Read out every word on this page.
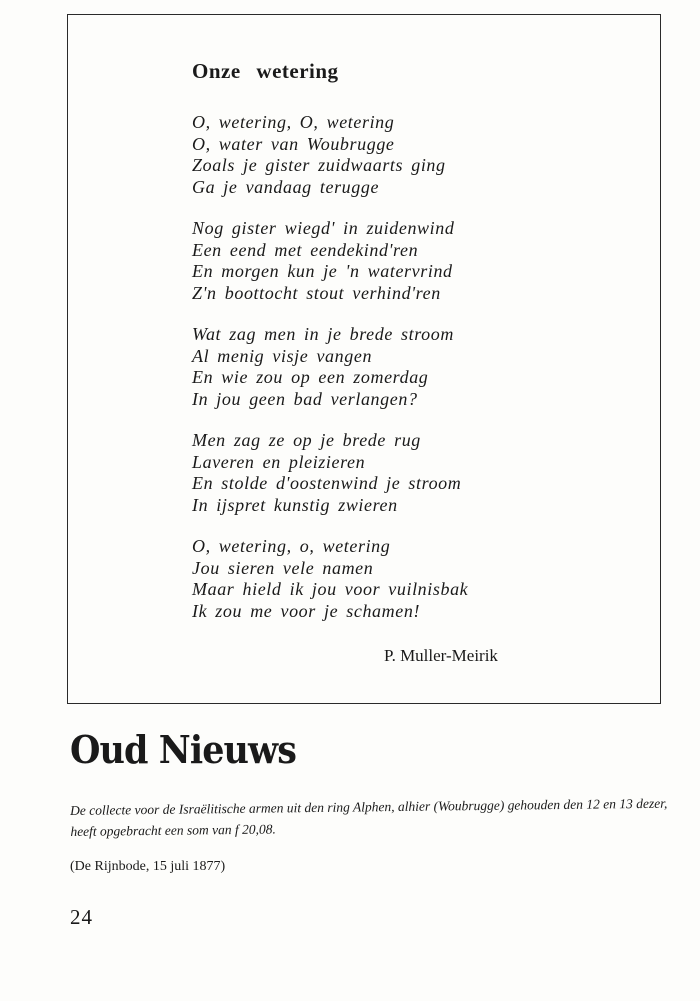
Onze wetering
O, wetering, O, wetering
O, water van Woubrugge
Zoals je gister zuidwaarts ging
Ga je vandaag terugge
Nog gister wiegd' in zuidenwind
Een eend met eendekind'ren
En morgen kun je 'n watervrind
Z'n boottocht stout verhind'ren
Wat zag men in je brede stroom
Al menig visje vangen
En wie zou op een zomerdag
In jou geen bad verlangen?
Men zag ze op je brede rug
Laveren en pleizieren
En stolde d'oostenwind je stroom
In ijspret kunstig zwieren
O, wetering, o, wetering
Jou sieren vele namen
Maar hield ik jou voor vuilnisbak
Ik zou me voor je schamen!
P. Muller-Meirik
Oud Nieuws

De collecte voor de Israëlitische armen uit den ring Alphen, alhier (Woubrugge) gehouden den 12 en 13 dezer, heeft opgebracht een som van f 20,08.

(De Rijnbode, 15 juli 1877)

24
